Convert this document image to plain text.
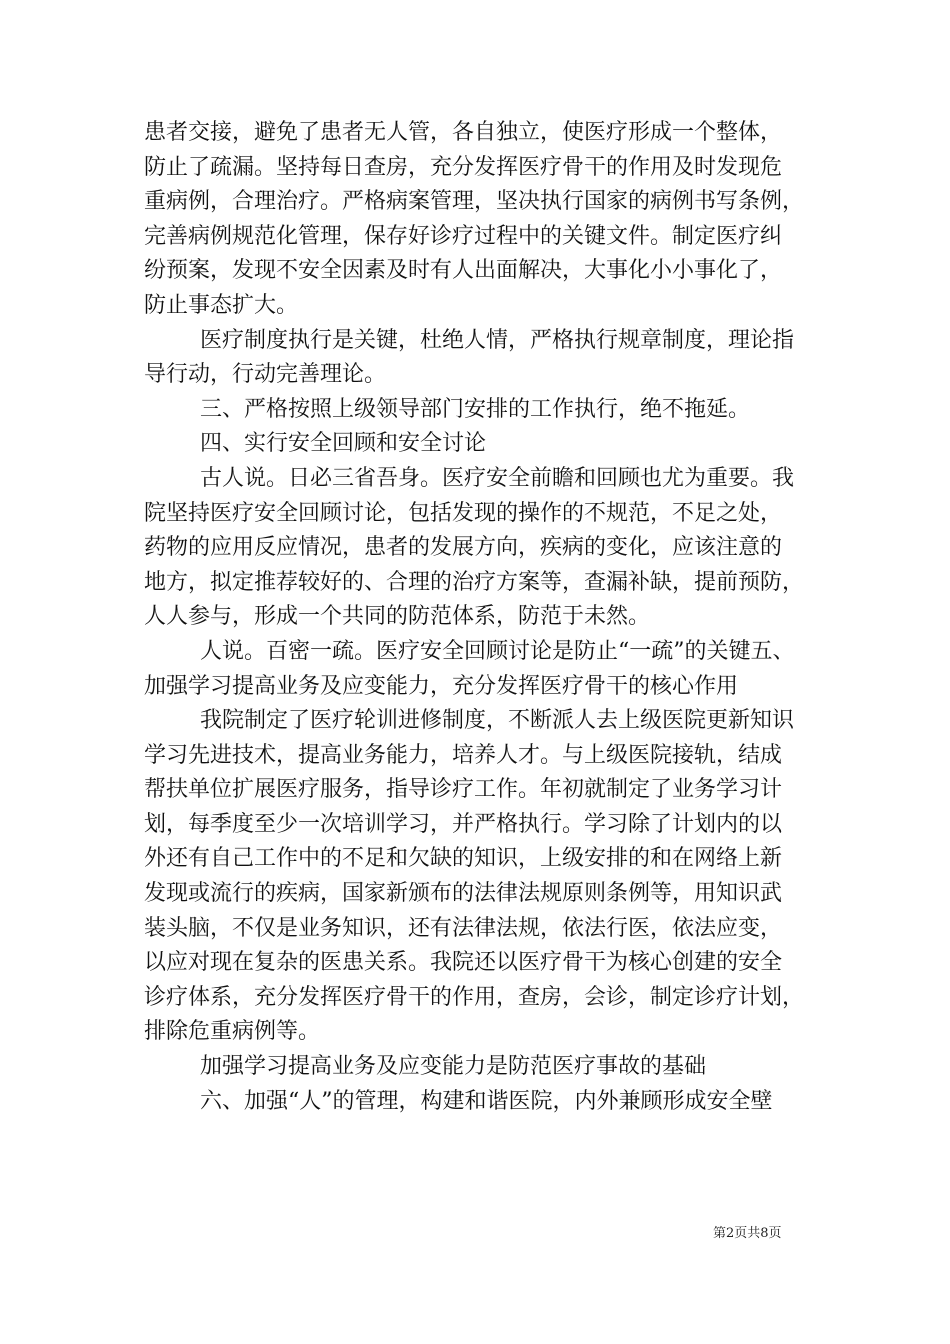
患者交接，避免了患者无人管，各自独立，使医疗形成一个整体，
防止了疏漏。坚持每日查房，充分发挥医疗骨干的作用及时发现危
重病例，合理治疗。严格病案管理，坚决执行国家的病例书写条例，
完善病例规范化管理，保存好诊疗过程中的关键文件。制定医疗纠
纷预案，发现不安全因素及时有人出面解决，大事化小小事化了，
防止事态扩大。
医疗制度执行是关键，杜绝人情，严格执行规章制度，理论指
导行动，行动完善理论。
三、严格按照上级领导部门安排的工作执行，绝不拖延。
四、实行安全回顾和安全讨论
古人说。日必三省吾身。医疗安全前瞻和回顾也尤为重要。我
院坚持医疗安全回顾讨论，包括发现的操作的不规范，不足之处，
药物的应用反应情况，患者的发展方向，疾病的变化，应该注意的
地方，拟定推荐较好的、合理的治疗方案等，查漏补缺，提前预防，
人人参与，形成一个共同的防范体系，防范于未然。
人说。百密一疏。医疗安全回顾讨论是防止“一疏”的关键五、
加强学习提高业务及应变能力，充分发挥医疗骨干的核心作用
我院制定了医疗轮训进修制度，不断派人去上级医院更新知识
学习先进技术，提高业务能力，培养人才。与上级医院接轨，结成
帮扶单位扩展医疗服务，指导诊疗工作。年初就制定了业务学习计
划，每季度至少一次培训学习，并严格执行。学习除了计划内的以
外还有自己工作中的不足和欠缺的知识，上级安排的和在网络上新
发现或流行的疾病，国家新颁布的法律法规原则条例等，用知识武
装头脑，不仅是业务知识，还有法律法规，依法行医，依法应变，
以应对现在复杂的医患关系。我院还以医疗骨干为核心创建的安全
诊疗体系，充分发挥医疗骨干的作用，查房，会诊，制定诊疗计划，
排除危重病例等。
加强学习提高业务及应变能力是防范医疗事故的基础
六、加强“人”的管理，构建和谐医院，内外兼顾形成安全壁
第2页共8页
